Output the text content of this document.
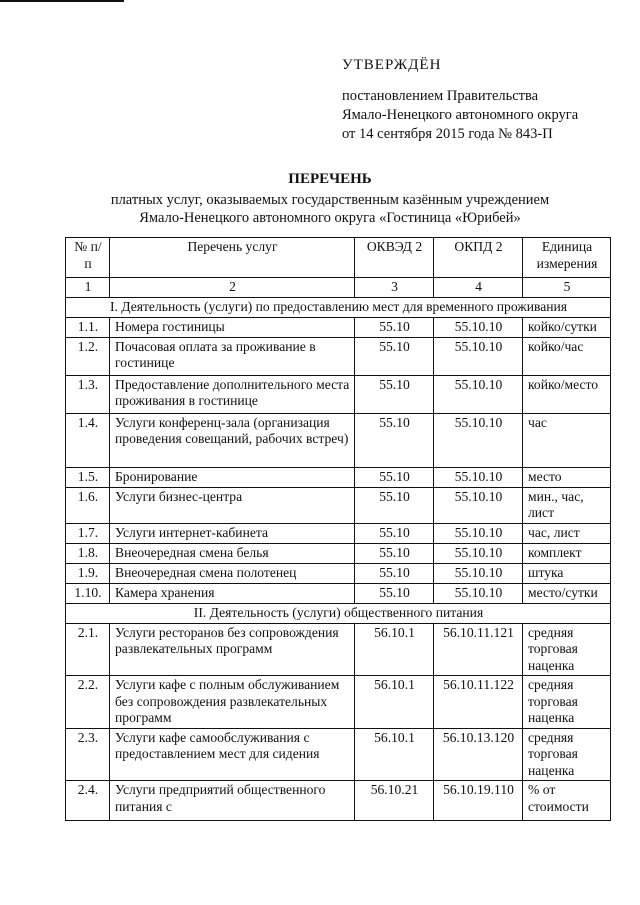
УТВЕРЖДЁН
постановлением Правительства
Ямало-Ненецкого автономного округа
от 14 сентября 2015 года № 843-П
ПЕРЕЧЕНЬ
платных услуг, оказываемых государственным казённым учреждением
Ямало-Ненецкого автономного округа «Гостиница «Юрибей»
№ п/п	Перечень услуг	ОКВЭД 2	ОКПД 2	Единица измерения
1	2	3	4	5
I. Деятельность (услуги) по предоставлению мест для временного проживания				
1.1.	Номера гостиницы	55.10	55.10.10	койко/сутки
1.2.	Почасовая оплата за проживание в гостинице	55.10	55.10.10	койко/час
1.3.	Предоставление дополнительного места проживания в гостинице	55.10	55.10.10	койко/место
1.4.	Услуги конференц-зала (организация проведения совещаний, рабочих встреч)	55.10	55.10.10	час
1.5.	Бронирование	55.10	55.10.10	место
1.6.	Услуги бизнес-центра	55.10	55.10.10	мин., час, лист
1.7.	Услуги интернет-кабинета	55.10	55.10.10	час, лист
1.8.	Внеочередная смена белья	55.10	55.10.10	комплект
1.9.	Внеочередная смена полотенец	55.10	55.10.10	штука
1.10.	Камера хранения	55.10	55.10.10	место/сутки
II. Деятельность (услуги) общественного питания				
2.1.	Услуги ресторанов без сопровождения развлекательных программ	56.10.1	56.10.11.121	средняя торговая наценка
2.2.	Услуги кафе с полным обслуживанием без сопровождения развлекательных программ	56.10.1	56.10.11.122	средняя торговая наценка
2.3.	Услуги кафе самообслуживания с предоставлением мест для сидения	56.10.1	56.10.13.120	средняя торговая наценка
2.4.	Услуги предприятий общественного питания с	56.10.21	56.10.19.110	% от стоимости
